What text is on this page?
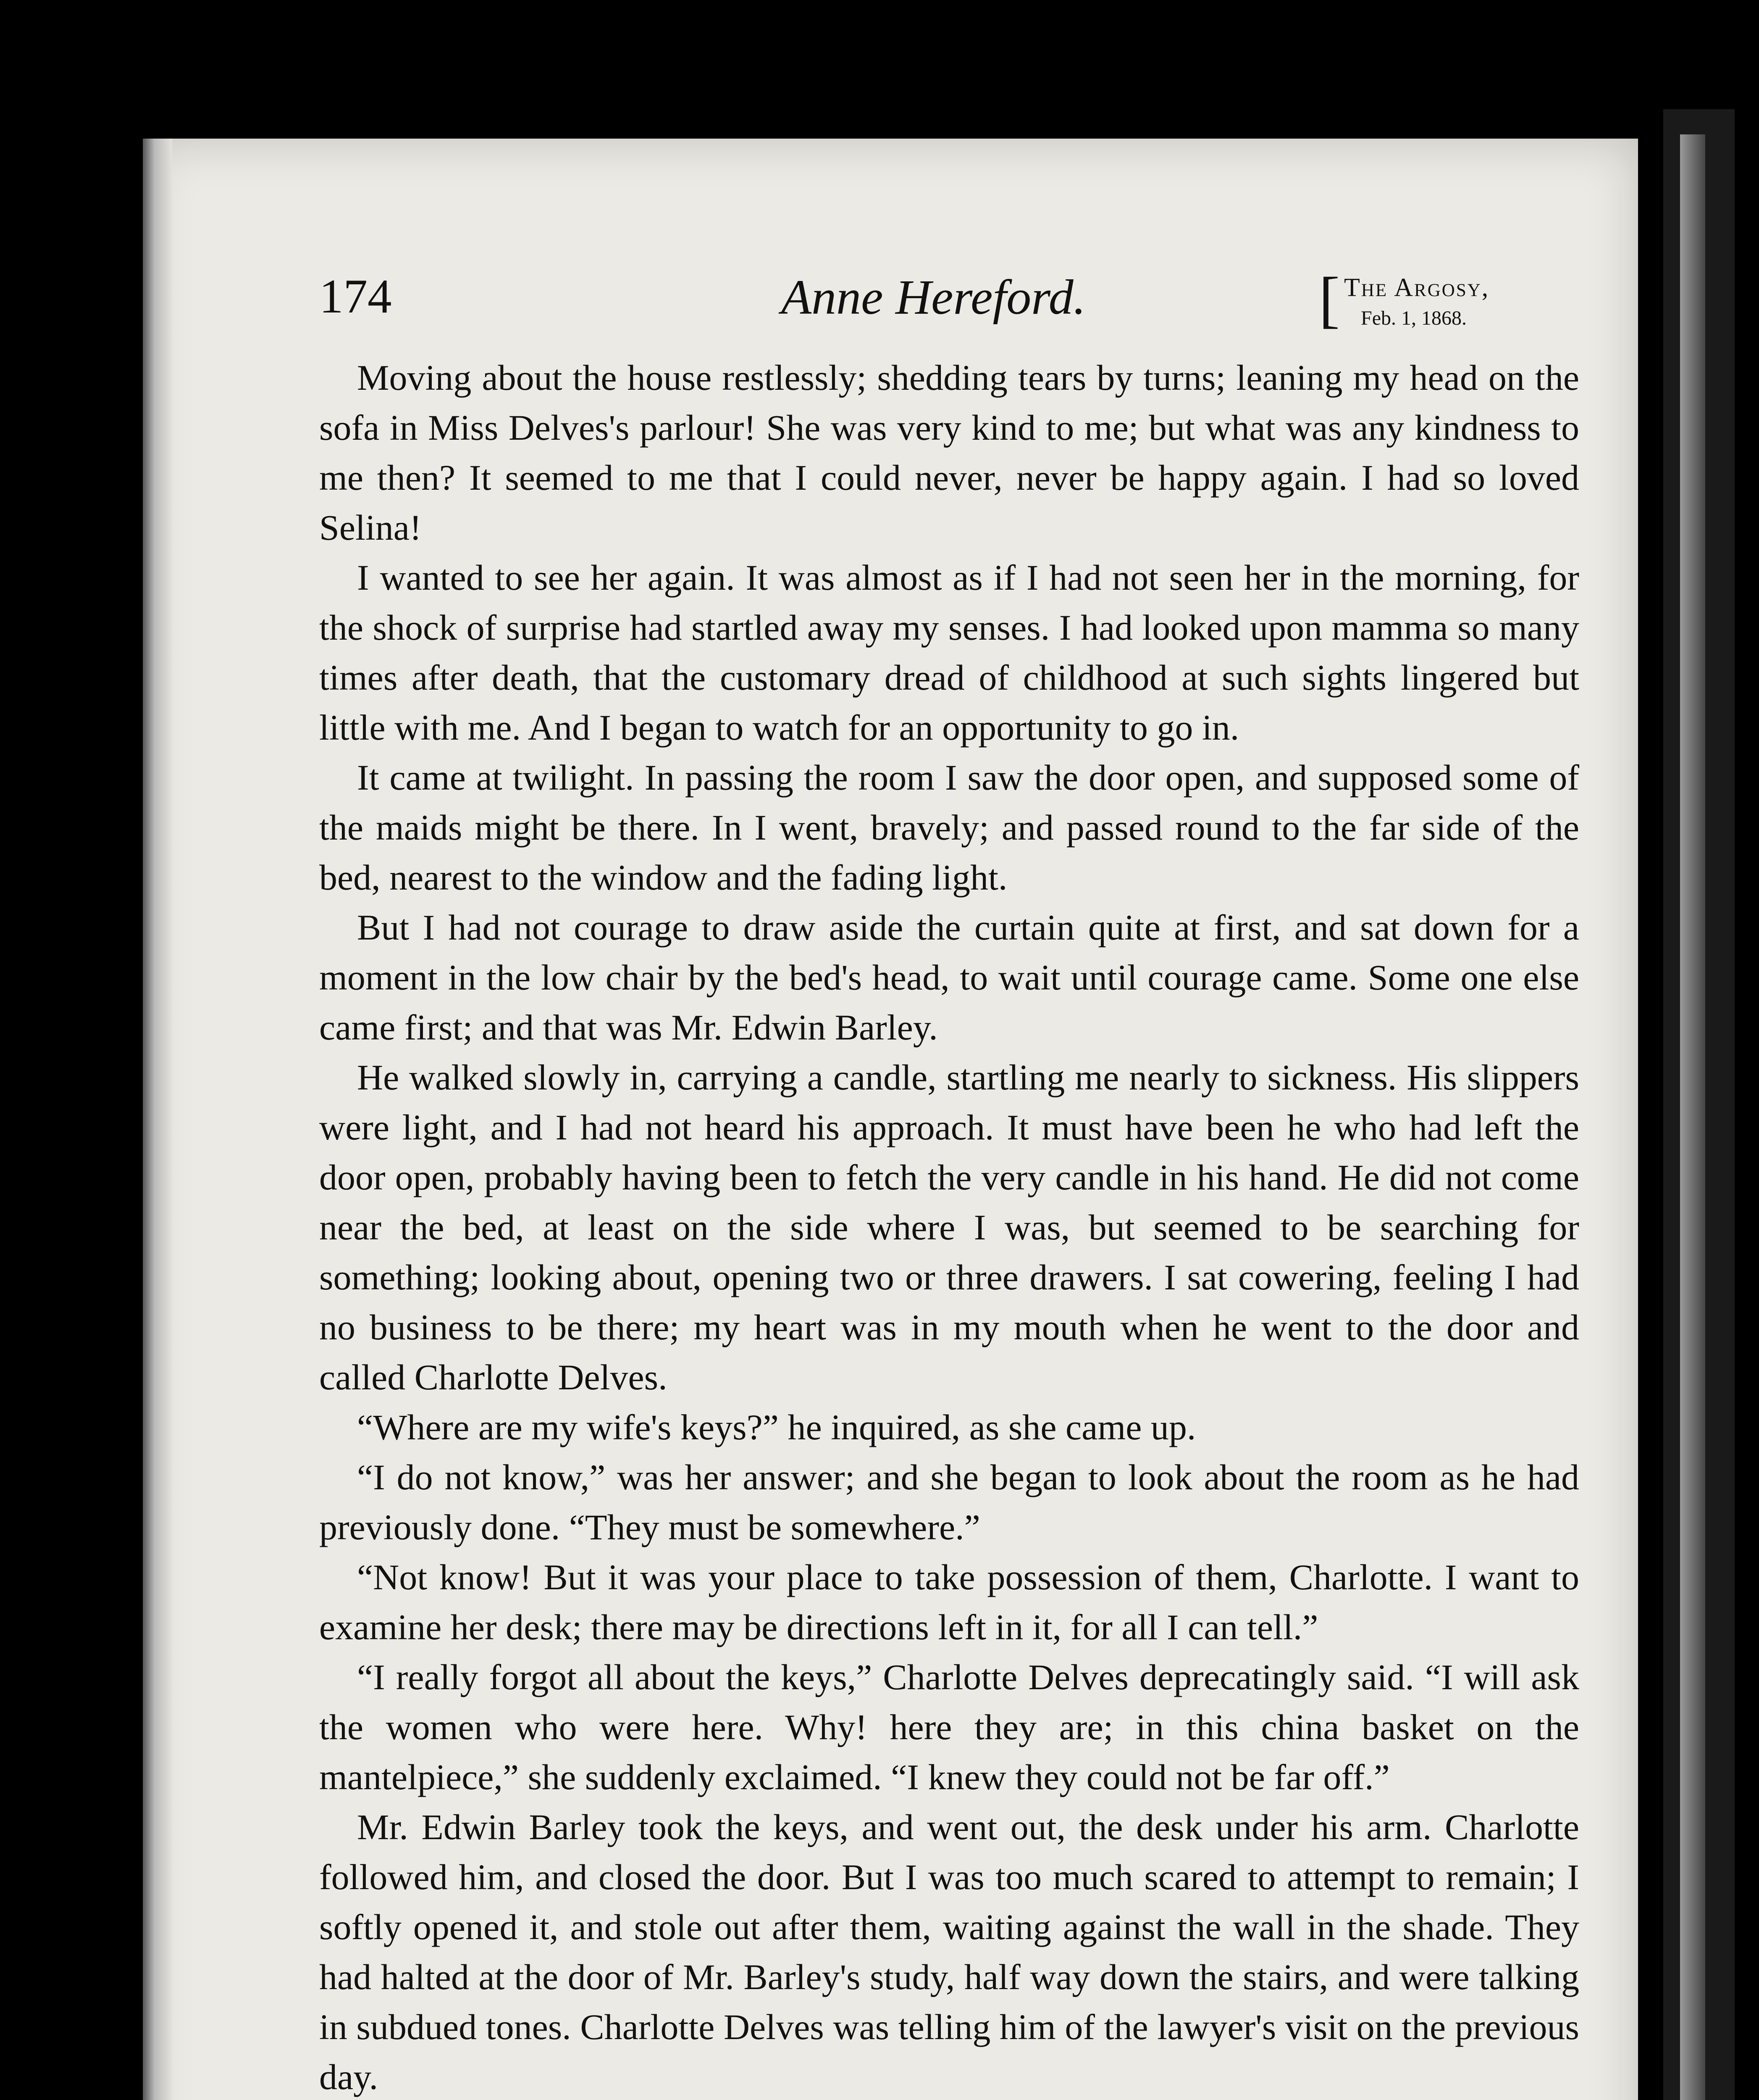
174	Anne Hereford.	[ The Argosy,
Feb. 1, 1868.

Moving about the house restlessly; shedding tears by turns; leaning my head on the sofa in Miss Delves's parlour! She was very kind to me; but what was any kindness to me then? It seemed to me that I could never, never be happy again. I had so loved Selina!

I wanted to see her again. It was almost as if I had not seen her in the morning, for the shock of surprise had startled away my senses. I had looked upon mamma so many times after death, that the customary dread of childhood at such sights lingered but little with me. And I began to watch for an opportunity to go in.

It came at twilight. In passing the room I saw the door open, and supposed some of the maids might be there. In I went, bravely; and passed round to the far side of the bed, nearest to the window and the fading light.

But I had not courage to draw aside the curtain quite at first, and sat down for a moment in the low chair by the bed's head, to wait until courage came. Some one else came first; and that was Mr. Edwin Barley.

He walked slowly in, carrying a candle, startling me nearly to sickness. His slippers were light, and I had not heard his approach. It must have been he who had left the door open, probably having been to fetch the very candle in his hand. He did not come near the bed, at least on the side where I was, but seemed to be searching for something; looking about, opening two or three drawers. I sat cowering, feeling I had no business to be there; my heart was in my mouth when he went to the door and called Charlotte Delves.

“Where are my wife's keys?” he inquired, as she came up.

“I do not know,” was her answer; and she began to look about the room as he had previously done. “They must be somewhere.”

“Not know! But it was your place to take possession of them, Charlotte. I want to examine her desk; there may be directions left in it, for all I can tell.”

“I really forgot all about the keys,” Charlotte Delves deprecatingly said. “I will ask the women who were here. Why! here they are; in this china basket on the mantelpiece,” she suddenly exclaimed. “I knew they could not be far off.”

Mr. Edwin Barley took the keys, and went out, the desk under his arm. Charlotte followed him, and closed the door. But I was too much scared to attempt to remain; I softly opened it, and stole out after them, waiting against the wall in the shade. They had halted at the door of Mr. Barley's study, half way down the stairs, and were talking in subdued tones. Charlotte Delves was telling him of the lawyer's visit on the previous day.
